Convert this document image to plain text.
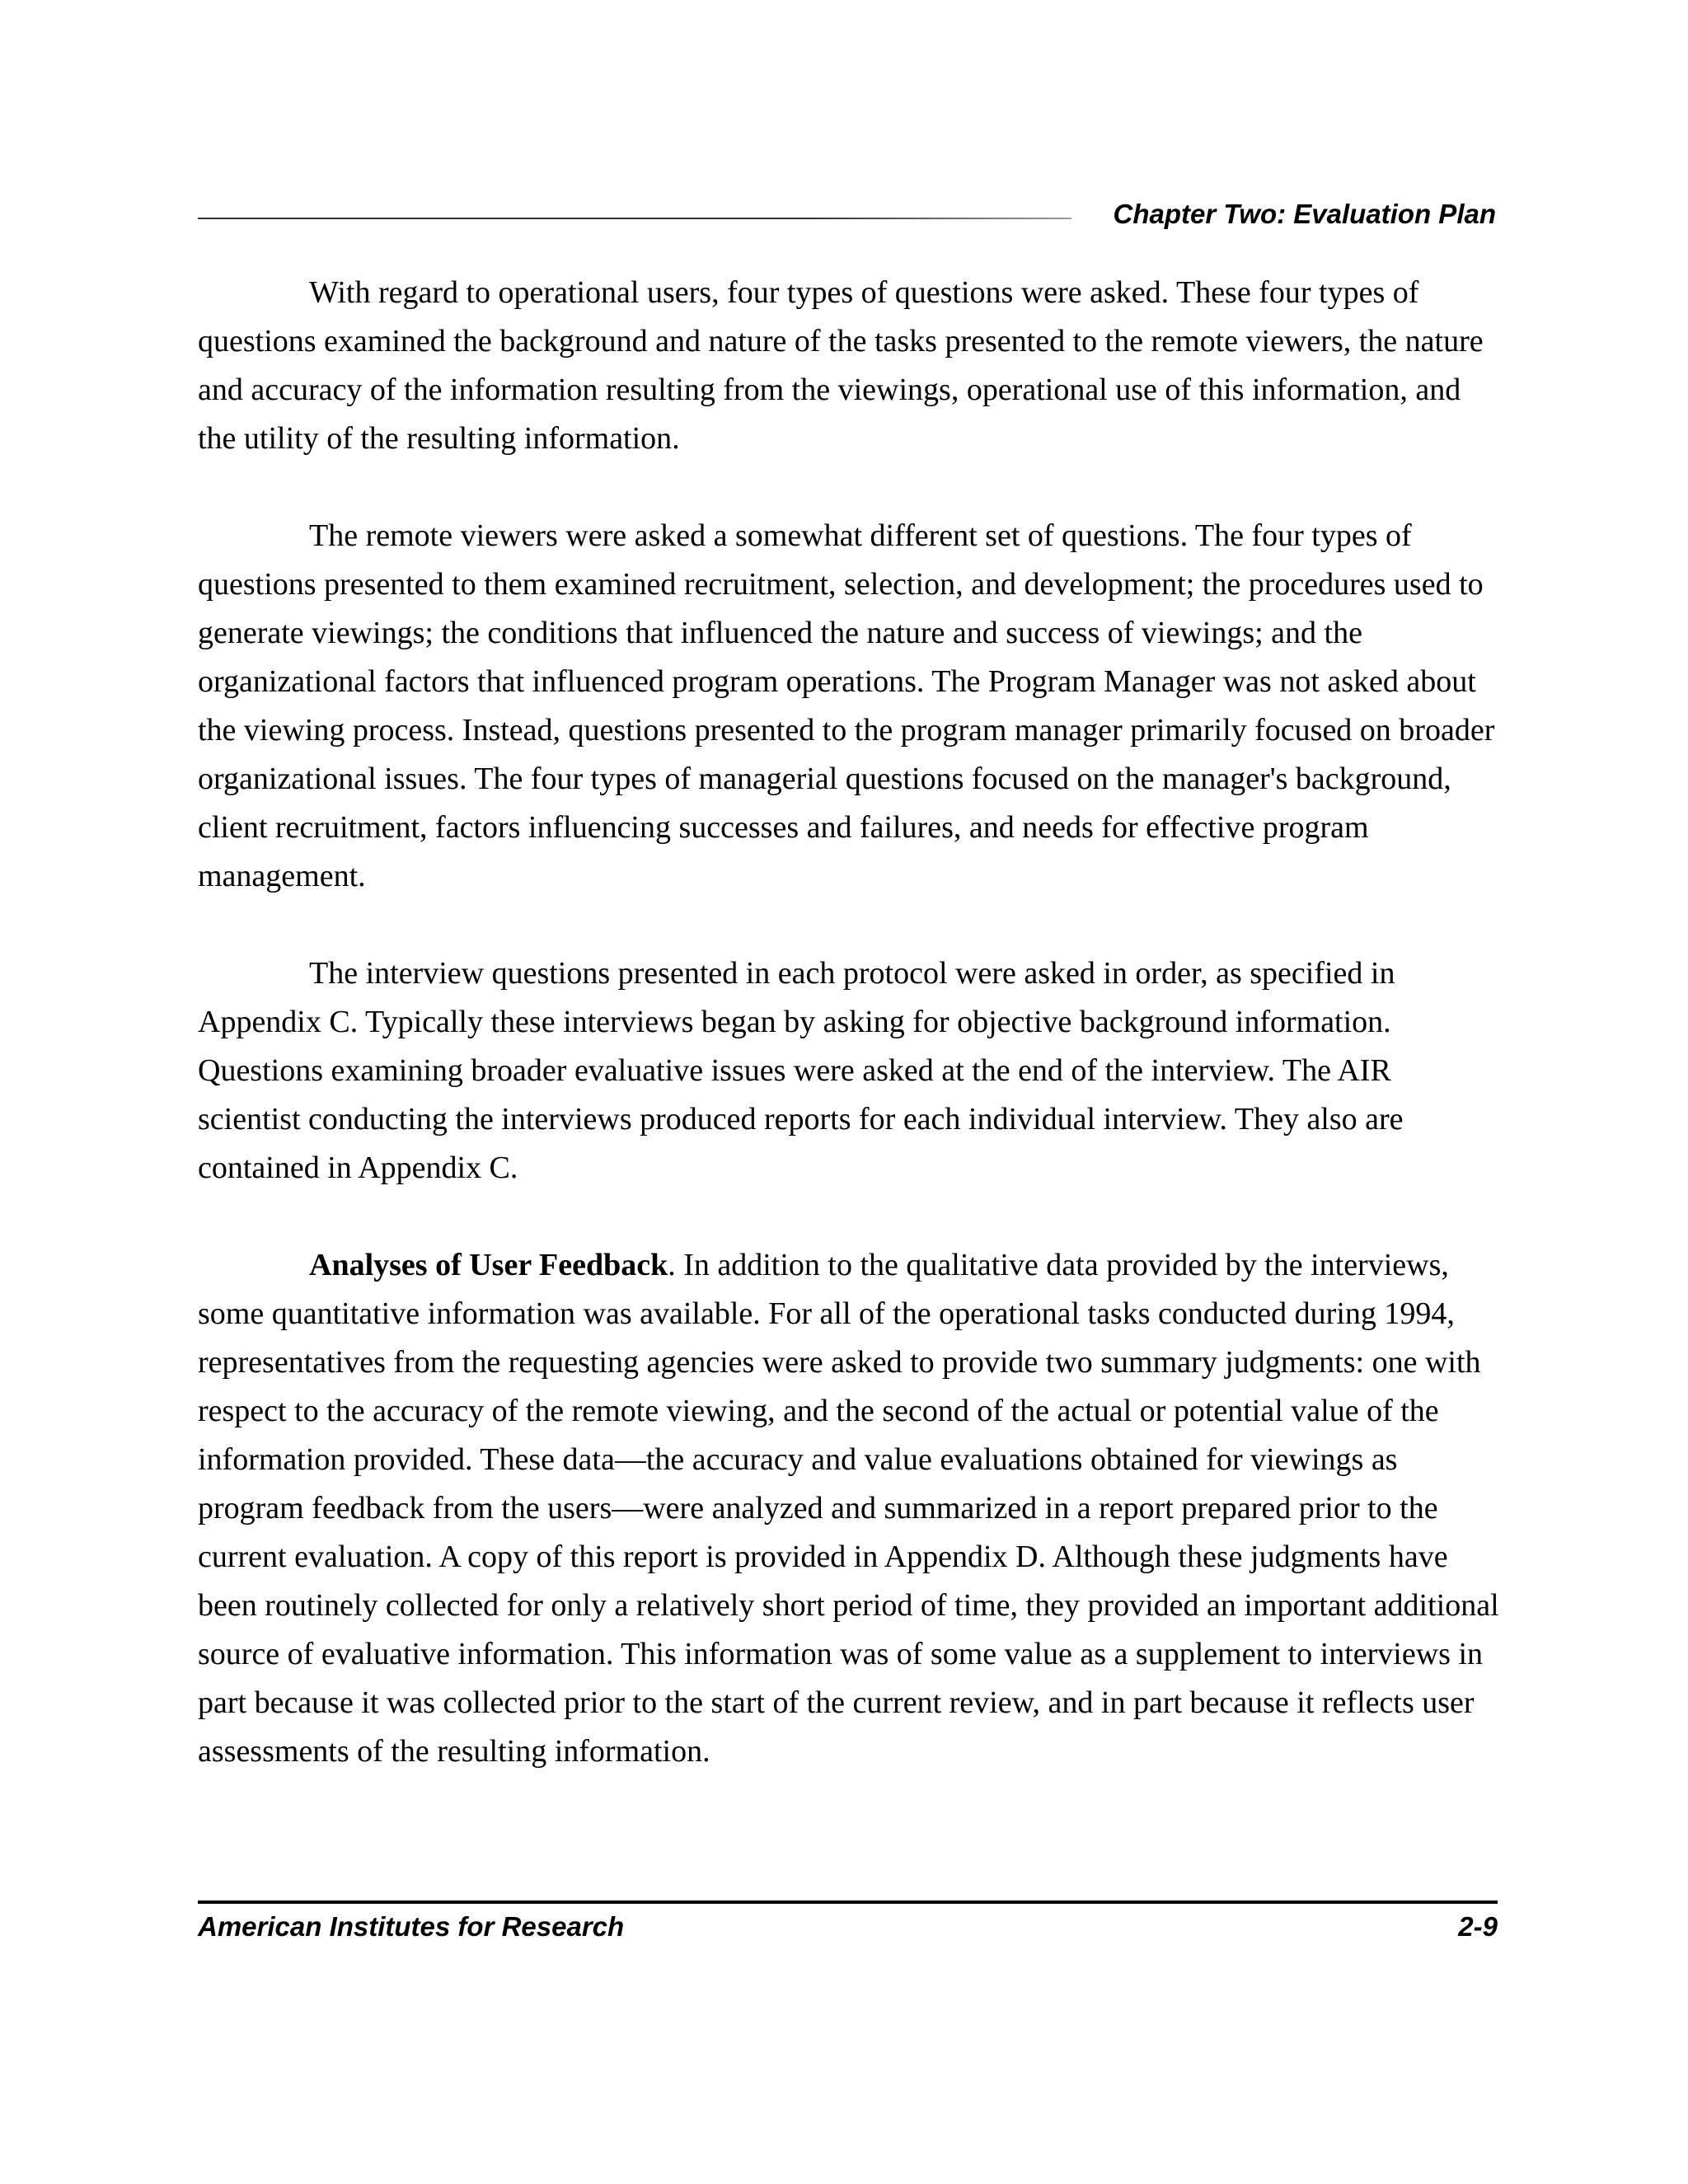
Chapter Two: Evaluation Plan

With regard to operational users, four types of questions were asked. These four types of questions examined the background and nature of the tasks presented to the remote viewers, the nature and accuracy of the information resulting from the viewings, operational use of this information, and the utility of the resulting information.

The remote viewers were asked a somewhat different set of questions. The four types of questions presented to them examined recruitment, selection, and development; the procedures used to generate viewings; the conditions that influenced the nature and success of viewings; and the organizational factors that influenced program operations. The Program Manager was not asked about the viewing process. Instead, questions presented to the program manager primarily focused on broader organizational issues. The four types of managerial questions focused on the manager's background, client recruitment, factors influencing successes and failures, and needs for effective program management.

The interview questions presented in each protocol were asked in order, as specified in Appendix C. Typically these interviews began by asking for objective background information. Questions examining broader evaluative issues were asked at the end of the interview. The AIR scientist conducting the interviews produced reports for each individual interview. They also are contained in Appendix C.

Analyses of User Feedback. In addition to the qualitative data provided by the interviews, some quantitative information was available. For all of the operational tasks conducted during 1994, representatives from the requesting agencies were asked to provide two summary judgments: one with respect to the accuracy of the remote viewing, and the second of the actual or potential value of the information provided. These data—the accuracy and value evaluations obtained for viewings as program feedback from the users—were analyzed and summarized in a report prepared prior to the current evaluation. A copy of this report is provided in Appendix D. Although these judgments have been routinely collected for only a relatively short period of time, they provided an important additional source of evaluative information. This information was of some value as a supplement to interviews in part because it was collected prior to the start of the current review, and in part because it reflects user assessments of the resulting information.

American Institutes for Research	2-9
